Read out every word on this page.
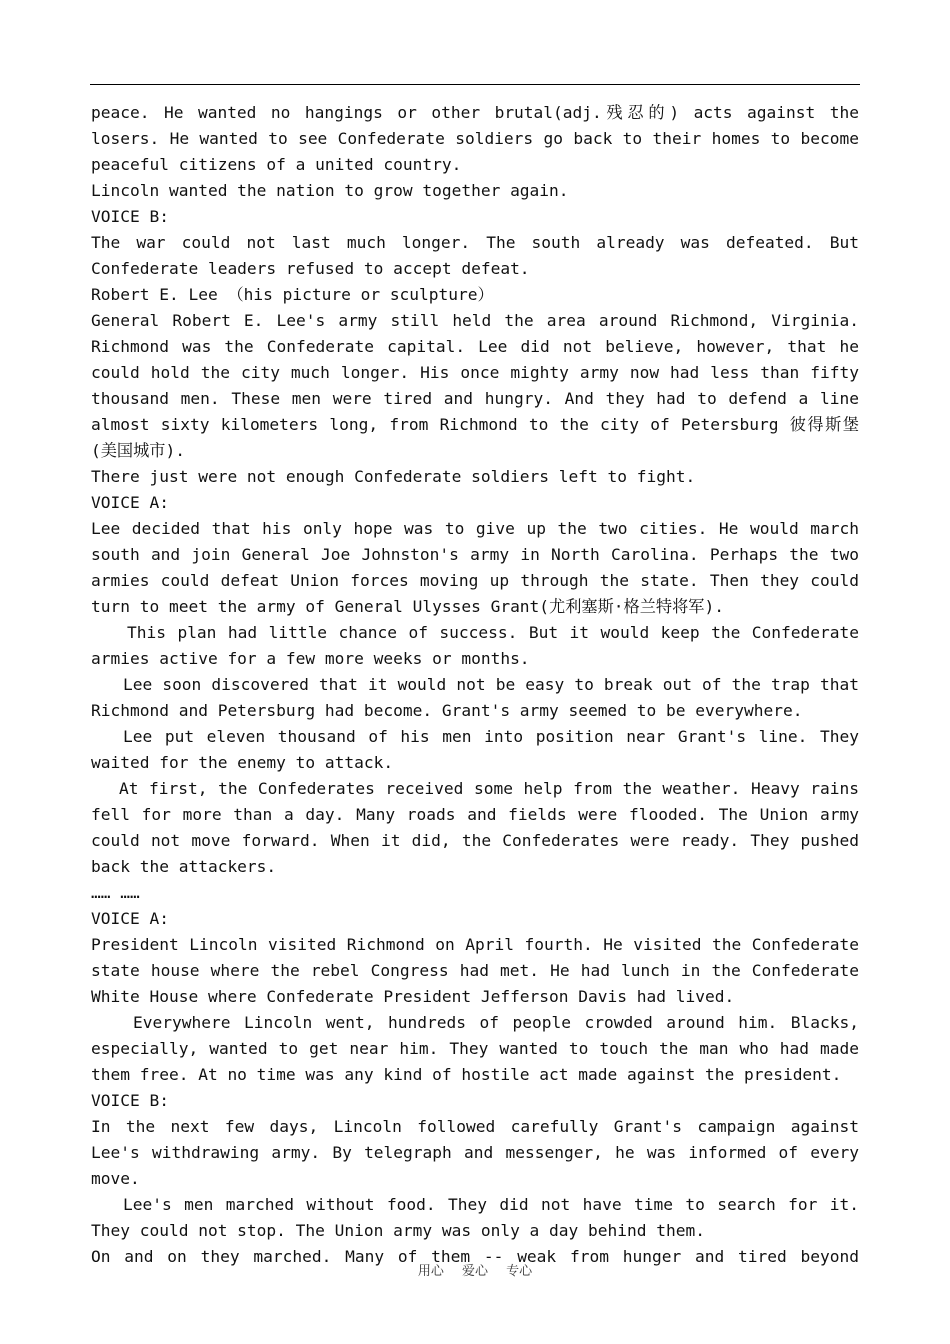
peace. He wanted no hangings or other brutal(adj.残忍的) acts against the losers. He wanted to see Confederate soldiers go back to their homes to become peaceful citizens of a united country.

Lincoln wanted the nation to grow together again.

VOICE B:

The war could not last much longer. The south already was defeated. But Confederate leaders refused to accept defeat.

Robert E. Lee （his picture or sculpture）

General Robert E. Lee's army still held the area around Richmond, Virginia. Richmond was the Confederate capital. Lee did not believe, however, that he could hold the city much longer. His once mighty army now had less than fifty thousand men. These men were tired and hungry. And they had to defend a line almost sixty kilometers long, from Richmond to the city of Petersburg 彼得斯堡(美国城市).

There just were not enough Confederate soldiers left to fight.

VOICE A:

Lee decided that his only hope was to give up the two cities. He would march south and join General Joe Johnston's army in North Carolina. Perhaps the two armies could defeat Union forces moving up through the state. Then they could turn to meet the army of General Ulysses Grant(尤利塞斯·格兰特将军).

This plan had little chance of success. But it would keep the Confederate armies active for a few more weeks or months.

Lee soon discovered that it would not be easy to break out of the trap that Richmond and Petersburg had become. Grant's army seemed to be everywhere.

Lee put eleven thousand of his men into position near Grant's line. They waited for the enemy to attack.

At first, the Confederates received some help from the weather. Heavy rains fell for more than a day. Many roads and fields were flooded. The Union army could not move forward. When it did, the Confederates were ready. They pushed back the attackers.

…… ……

VOICE A:

President Lincoln visited Richmond on April fourth. He visited the Confederate state house where the rebel Congress had met. He had lunch in the Confederate White House where Confederate President Jefferson Davis had lived.

Everywhere Lincoln went, hundreds of people crowded around him. Blacks, especially, wanted to get near him. They wanted to touch the man who had made them free. At no time was any kind of hostile act made against the president.

VOICE B:

In the next few days, Lincoln followed carefully Grant's campaign against Lee's withdrawing army. By telegraph and messenger, he was informed of every move.

Lee's men marched without food. They did not have time to search for it. They could not stop. The Union army was only a day behind them.

On and on they marched. Many of them -- weak from hunger and tired beyond

用心 爱心 专心
